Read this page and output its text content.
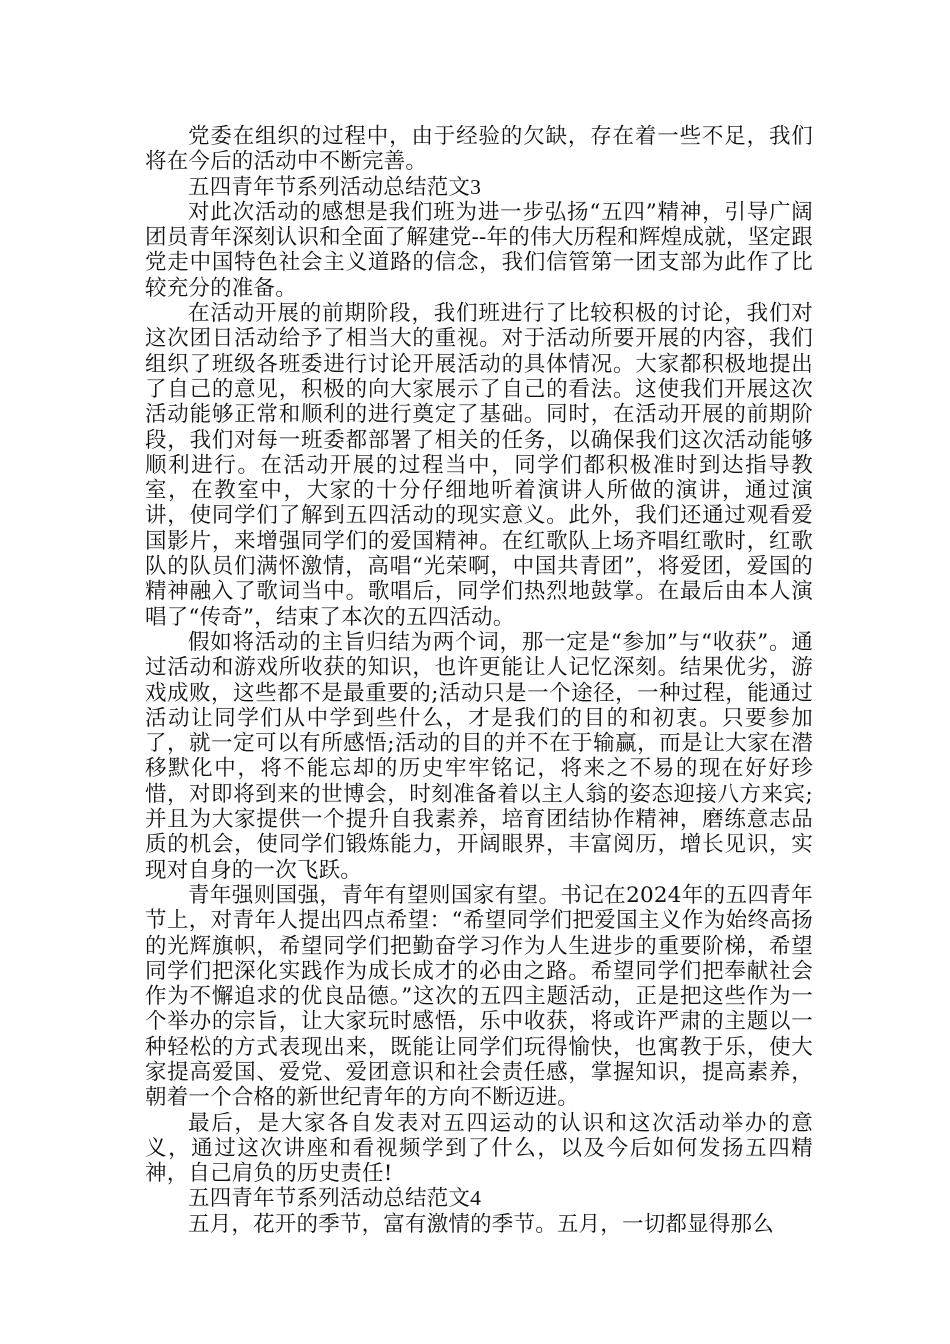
党委在组织的过程中，由于经验的欠缺，存在着一些不足，我们将在今后的活动中不断完善。

五四青年节系列活动总结范文3

对此次活动的感想是我们班为进一步弘扬“五四”精神，引导广阔团员青年深刻认识和全面了解建党--年的伟大历程和辉煌成就，坚定跟党走中国特色社会主义道路的信念，我们信管第一团支部为此作了比较充分的准备。

在活动开展的前期阶段，我们班进行了比较积极的讨论，我们对这次团日活动给予了相当大的重视。对于活动所要开展的内容，我们组织了班级各班委进行讨论开展活动的具体情况。大家都积极地提出了自己的意见，积极的向大家展示了自己的看法。这使我们开展这次活动能够正常和顺利的进行奠定了基础。同时，在活动开展的前期阶段，我们对每一班委都部署了相关的任务，以确保我们这次活动能够顺利进行。在活动开展的过程当中，同学们都积极准时到达指导教室，在教室中，大家的十分仔细地听着演讲人所做的演讲，通过演讲，使同学们了解到五四活动的现实意义。此外，我们还通过观看爱国影片，来增强同学们的爱国精神。在红歌队上场齐唱红歌时，红歌队的队员们满怀激情，高唱“光荣啊，中国共青团”，将爱团，爱国的精神融入了歌词当中。歌唱后，同学们热烈地鼓掌。在最后由本人演唱了“传奇”，结束了本次的五四活动。

假如将活动的主旨归结为两个词，那一定是“参加”与“收获”。通过活动和游戏所收获的知识，也许更能让人记忆深刻。结果优劣，游戏成败，这些都不是最重要的;活动只是一个途径，一种过程，能通过活动让同学们从中学到些什么，才是我们的目的和初衷。只要参加了，就一定可以有所感悟;活动的目的并不在于输赢，而是让大家在潜移默化中，将不能忘却的历史牢牢铭记，将来之不易的现在好好珍惜，对即将到来的世博会，时刻准备着以主人翁的姿态迎接八方来宾;并且为大家提供一个提升自我素养，培育团结协作精神，磨练意志品质的机会，使同学们锻炼能力，开阔眼界，丰富阅历，增长见识，实现对自身的一次飞跃。

青年强则国强，青年有望则国家有望。书记在2024年的五四青年节上，对青年人提出四点希望：“希望同学们把爱国主义作为始终高扬的光辉旗帜，希望同学们把勤奋学习作为人生进步的重要阶梯，希望同学们把深化实践作为成长成才的必由之路。希望同学们把奉献社会作为不懈追求的优良品德。”这次的五四主题活动，正是把这些作为一个举办的宗旨，让大家玩时感悟，乐中收获，将或许严肃的主题以一种轻松的方式表现出来，既能让同学们玩得愉快，也寓教于乐，使大家提高爱国、爱党、爱团意识和社会责任感，掌握知识，提高素养，朝着一个合格的新世纪青年的方向不断迈进。

最后，是大家各自发表对五四运动的认识和这次活动举办的意义，通过这次讲座和看视频学到了什么，以及今后如何发扬五四精神，自己肩负的历史责任!

五四青年节系列活动总结范文4

五月，花开的季节，富有激情的季节。五月，一切都显得那么
